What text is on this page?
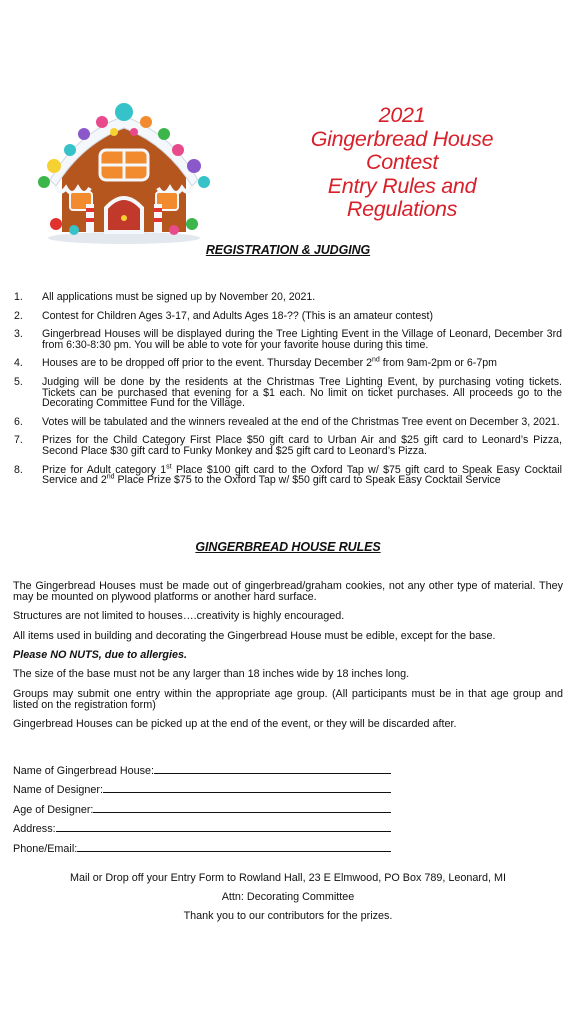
2021
Gingerbread House
Contest
Entry Rules and
Regulations
REGISTRATION & JUDGING
1.	All applications must be signed up by November 20, 2021.
2.	Contest for Children Ages 3-17, and Adults Ages 18-?? (This is an amateur contest)
3.	Gingerbread Houses will be displayed during the Tree Lighting Event in the Village of Leonard, December 3rd from 6:30-8:30 pm. You will be able to vote for your favorite house during this time.
4.	Houses are to be dropped off prior to the event. Thursday December 2nd from 9am-2pm or 6-7pm
5.	Judging will be done by the residents at the Christmas Tree Lighting Event, by purchasing voting tickets. Tickets can be purchased that evening for a $1 each. No limit on ticket purchases. All proceeds go to the Decorating Committee Fund for the Village.
6.	Votes will be tabulated and the winners revealed at the end of the Christmas Tree event on December 3, 2021.
7.	Prizes for the Child Category First Place $50 gift card to Urban Air and $25 gift card to Leonard’s Pizza, Second Place $30 gift card to Funky Monkey and $25 gift card to Leonard’s Pizza.
8.	Prize for Adult category 1st Place $100 gift card to the Oxford Tap w/ $75 gift card to Speak Easy Cocktail Service and 2nd Place Prize $75 to the Oxford Tap w/ $50 gift card to Speak Easy Cocktail Service
GINGERBREAD HOUSE RULES

The Gingerbread Houses must be made out of gingerbread/graham cookies, not any other type of material. They may be mounted on plywood platforms or another hard surface.

Structures are not limited to houses….creativity is highly encouraged.

All items used in building and decorating the Gingerbread House must be edible, except for the base.

Please NO NUTS, due to allergies.

The size of the base must not be any larger than 18 inches wide by 18 inches long.

Groups may submit one entry within the appropriate age group. (All participants must be in that age group and listed on the registration form)

Gingerbread Houses can be picked up at the end of the event, or they will be discarded after.

Name of Gingerbread House:
Name of Designer:
Age of Designer:
Address:
Phone/Email:
Mail or Drop off your Entry Form to Rowland Hall, 23 E Elmwood, PO Box 789, Leonard, MI
Attn: Decorating Committee
Thank you to our contributors for the prizes.
